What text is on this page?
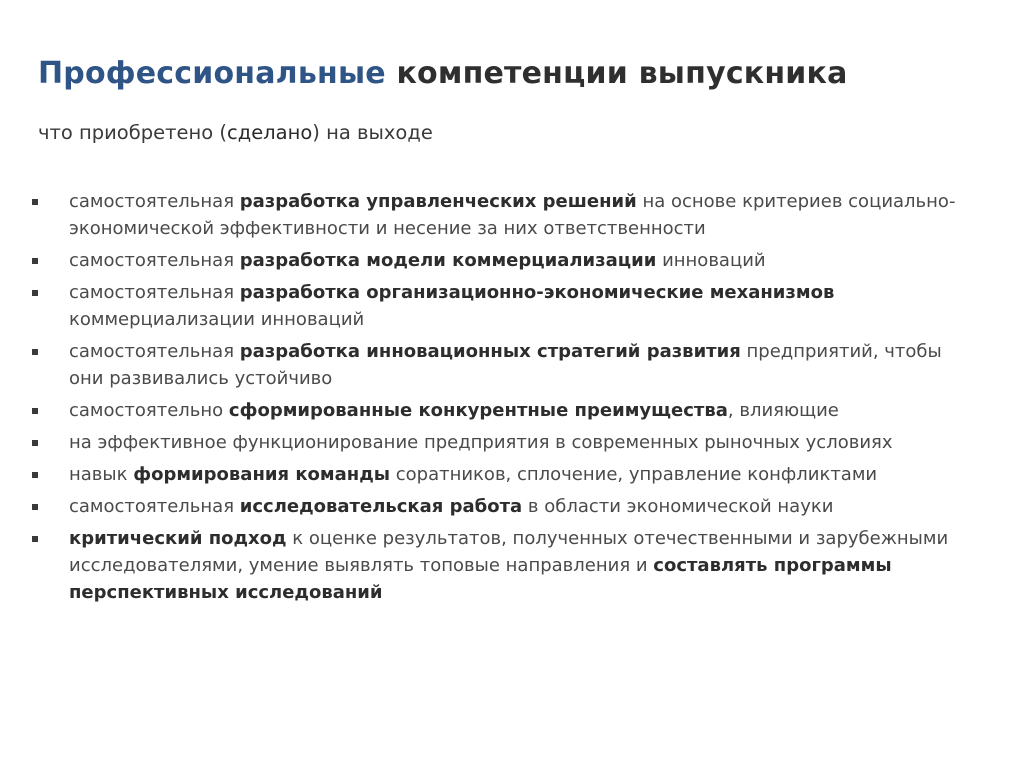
Профессиональные компетенции выпускника

что приобретено (сделано) на выходе

самостоятельная разработка управленческих решений на основе критериев социально-экономической эффективности и несение за них ответственности
самостоятельная разработка модели коммерциализации инноваций
самостоятельная разработка организационно-экономические механизмов коммерциализации инноваций
самостоятельная разработка инновационных стратегий развития предприятий, чтобы они развивались устойчиво
самостоятельно сформированные конкурентные преимущества, влияющие
на эффективное функционирование предприятия в современных рыночных условиях
навык формирования команды соратников, сплочение, управление конфликтами
самостоятельная исследовательская работа в области экономической науки
критический подход к оценке результатов, полученных отечественными и зарубежными исследователями, умение выявлять топовые направления и составлять программы перспективных исследований
